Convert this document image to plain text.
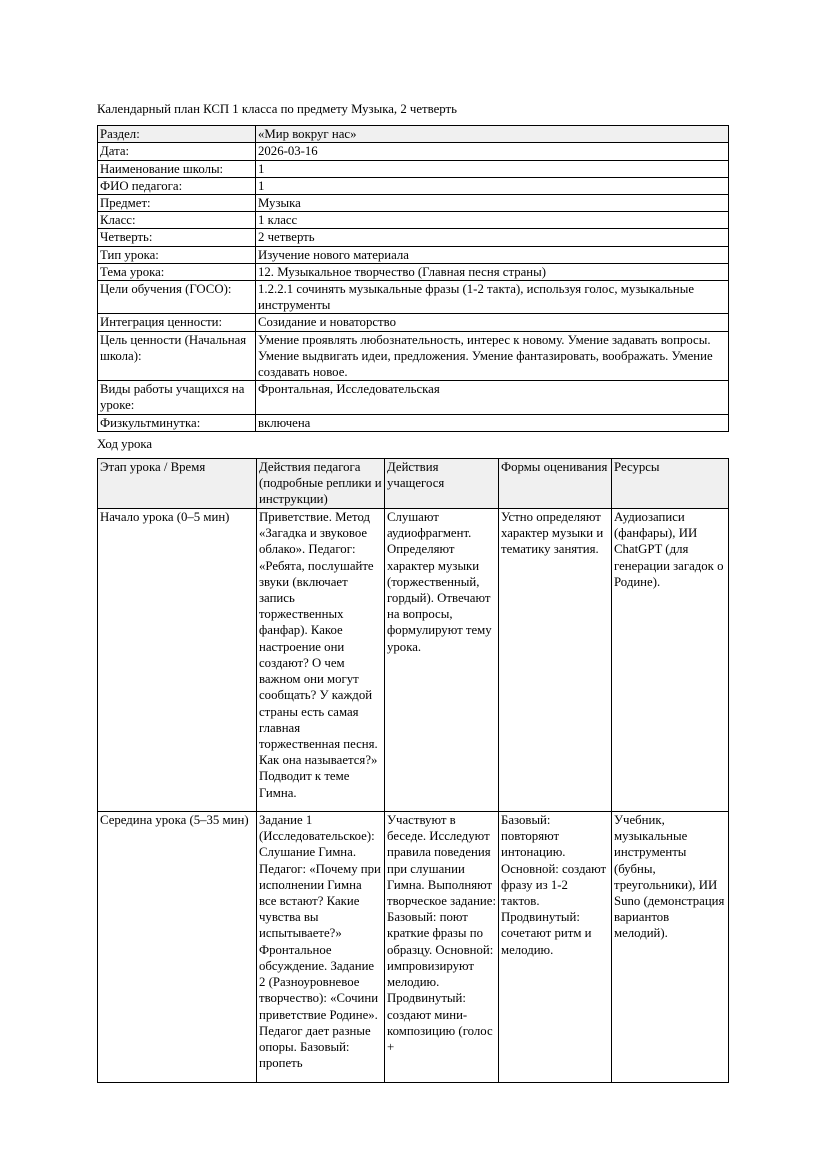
Календарный план КСП 1 класса по предмету Музыка, 2 четверть

Раздел:	«Мир вокруг нас»
Дата:	2026-03-16
Наименование школы:	1
ФИО педагога:	1
Предмет:	Музыка
Класс:	1 класс
Четверть:	2 четверть
Тип урока:	Изучение нового материала
Тема урока:	12. Музыкальное творчество (Главная песня страны)
Цели обучения (ГОСО):	1.2.2.1 сочинять музыкальные фразы (1-2 такта), используя голос, музыкальные инструменты
Интеграция ценности:	Созидание и новаторство
Цель ценности (Начальная школа):	Умение проявлять любознательность, интерес к новому. Умение задавать вопросы. Умение выдвигать идеи, предложения. Умение фантазировать, воображать. Умение создавать новое.
Виды работы учащихся на уроке:	Фронтальная, Исследовательская
Физкультминутка:	включена

Ход урока

Этап урока / Время	Действия педагога (подробные реплики и инструкции)	Действия учащегося	Формы оценивания	Ресурсы
Начало урока (0–5 мин)	Приветствие. Метод «Загадка и звуковое облако». Педагог: «Ребята, послушайте звуки (включает запись торжественных фанфар). Какое настроение они создают? О чем важном они могут сообщать? У каждой страны есть самая главная торжественная песня. Как она называется?» Подводит к теме Гимна.	Слушают аудиофрагмент. Определяют характер музыки (торжественный, гордый). Отвечают на вопросы, формулируют тему урока.	Устно определяют характер музыки и тематику занятия.	Аудиозаписи (фанфары), ИИ ChatGPT (для генерации загадок о Родине).
Середина урока (5–35 мин)	Задание 1 (Исследовательское): Слушание Гимна. Педагог: «Почему при исполнении Гимна все встают? Какие чувства вы испытываете?» Фронтальное обсуждение. Задание 2 (Разноуровневое творчество): «Сочини приветствие Родине». Педагог дает разные опоры. Базовый: пропеть	Участвуют в беседе. Исследуют правила поведения при слушании Гимна. Выполняют творческое задание: Базовый: поют краткие фразы по образцу. Основной: импровизируют мелодию. Продвинутый: создают мини-композицию (голос +	Базовый: повторяют интонацию. Основной: создают фразу из 1-2 тактов. Продвинутый: сочетают ритм и мелодию.	Учебник, музыкальные инструменты (бубны, треугольники), ИИ Suno (демонстрация вариантов мелодий).
